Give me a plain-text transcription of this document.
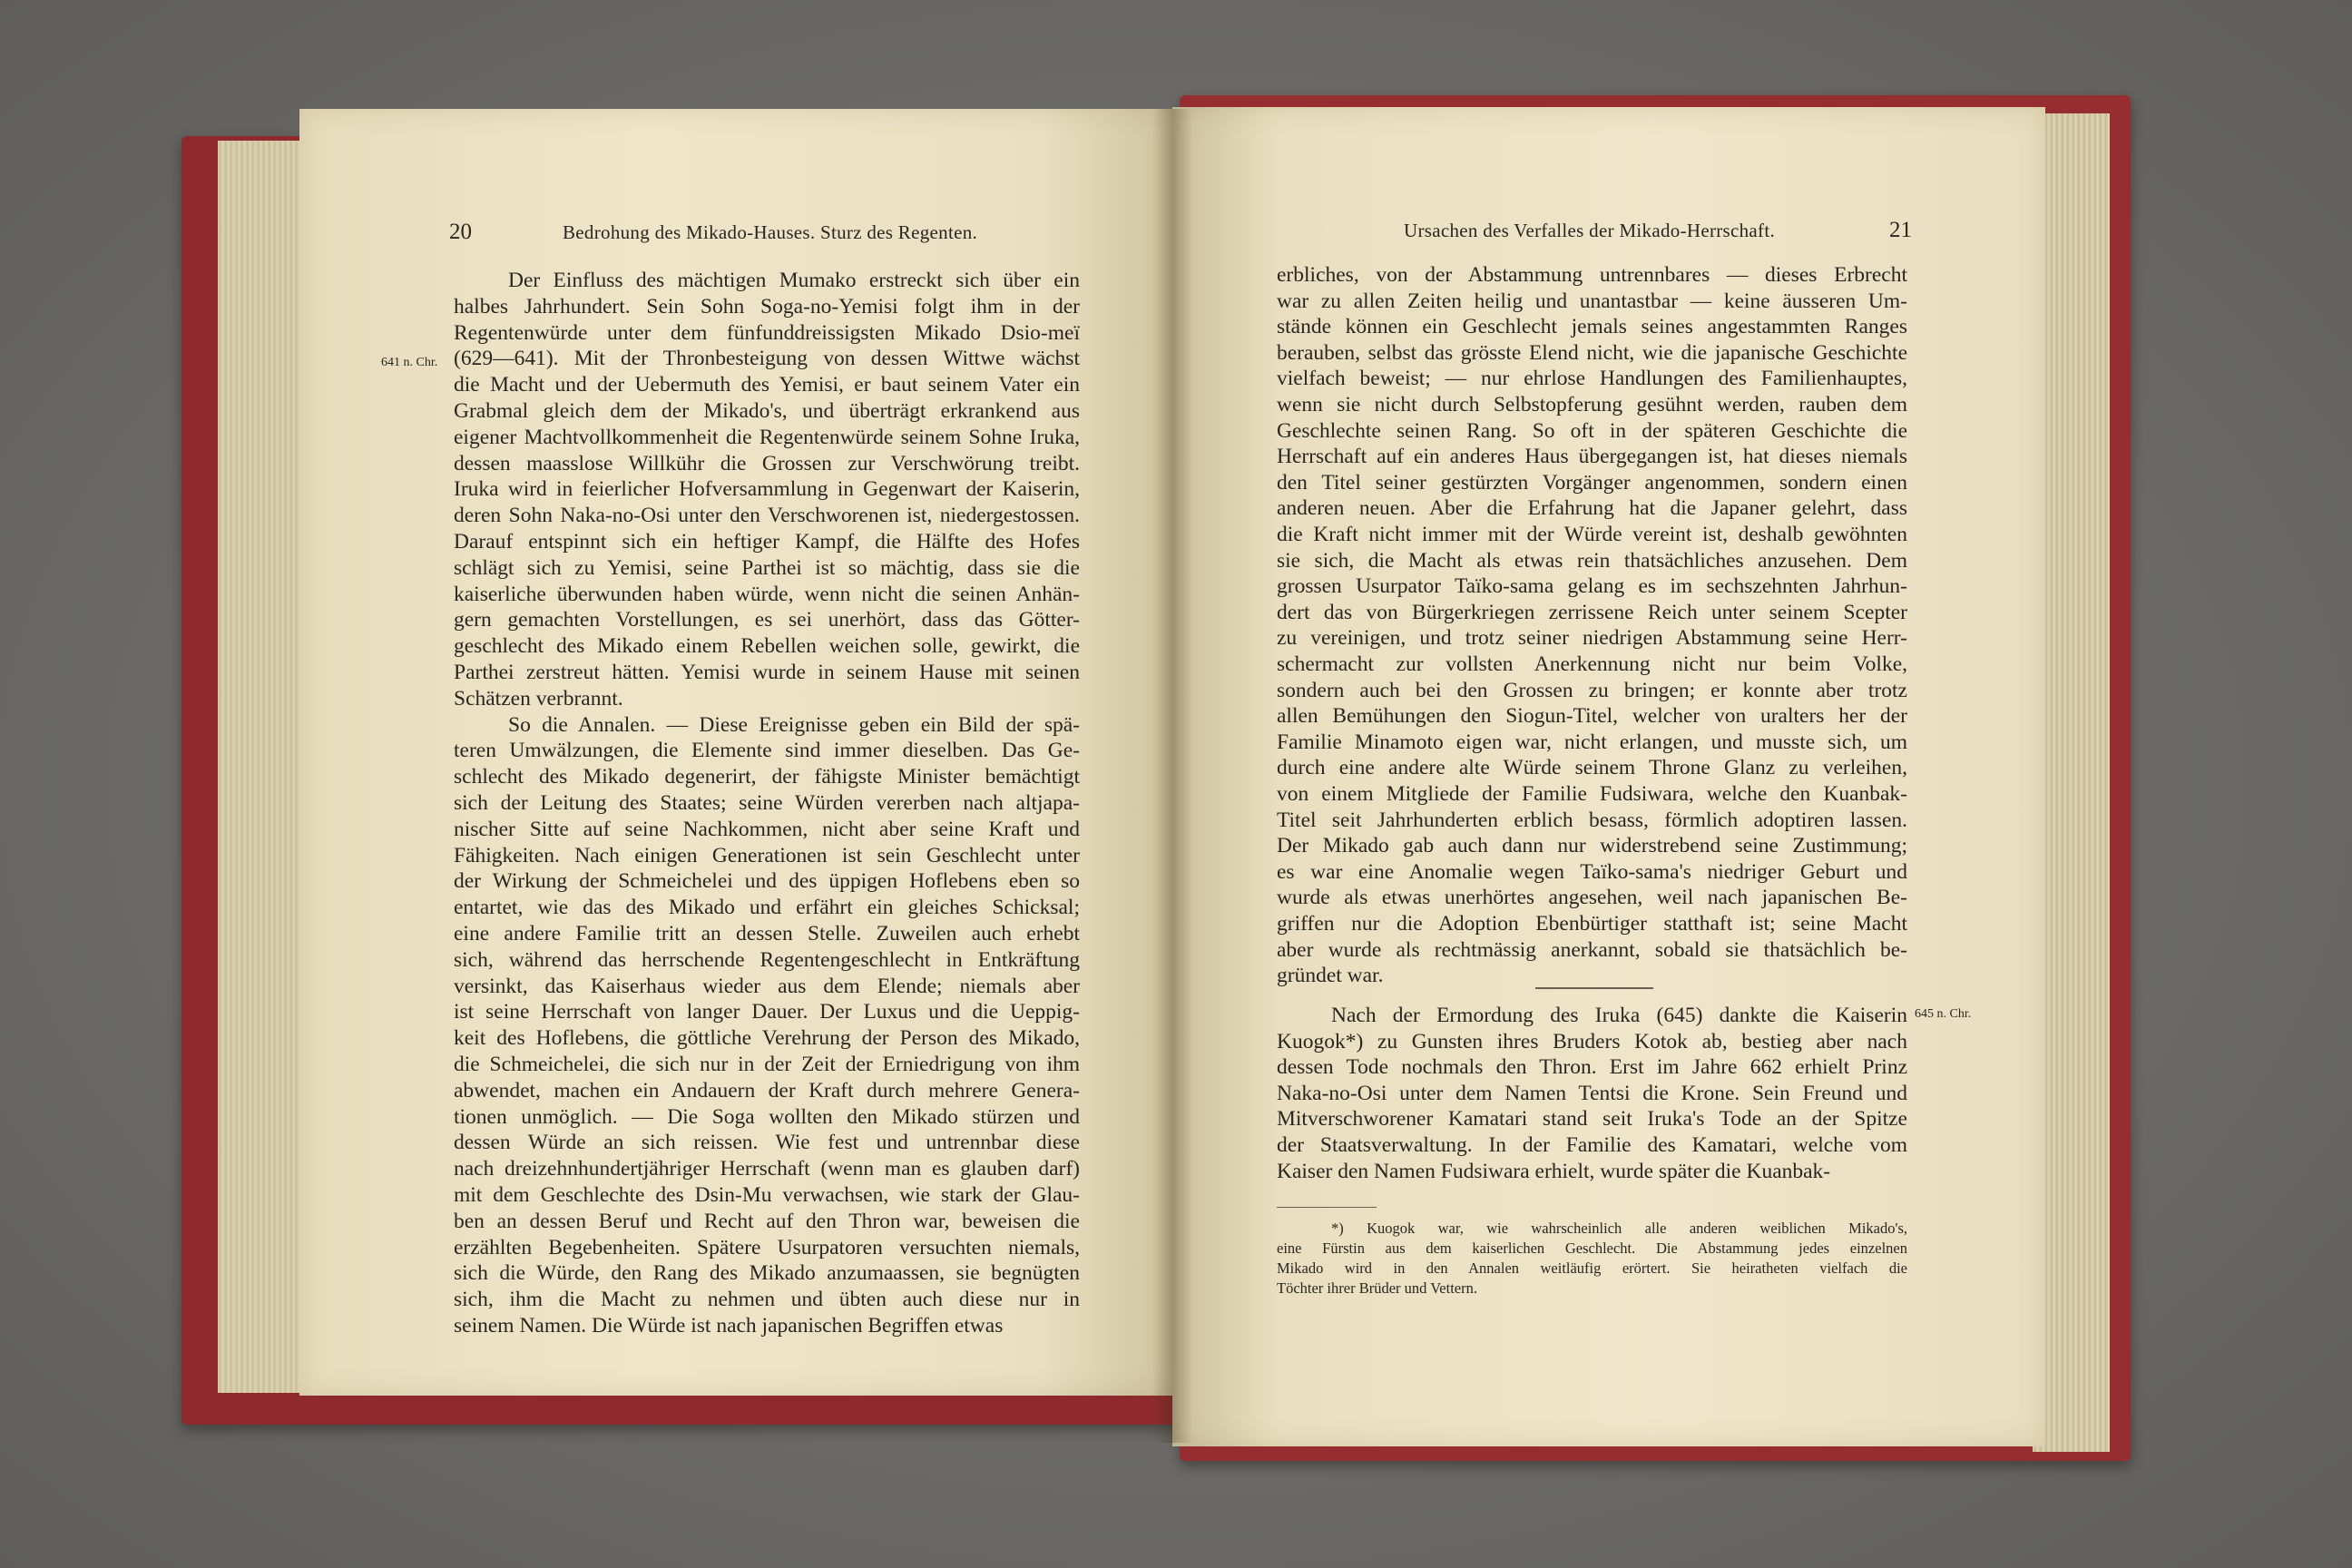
20	Bedrohung des Mikado-Hauses. Sturz des Regenten.
641 n. Chr.
Der Einfluss des mächtigen Mumako erstreckt sich über ein
halbes Jahrhundert. Sein Sohn Soga-no-Yemisi folgt ihm in der
Regentenwürde unter dem fünfunddreissigsten Mikado Dsio-meï
(629—641). Mit der Thronbesteigung von dessen Wittwe wächst
die Macht und der Uebermuth des Yemisi, er baut seinem Vater ein
Grabmal gleich dem der Mikado's, und überträgt erkrankend aus
eigener Machtvollkommenheit die Regentenwürde seinem Sohne Iruka,
dessen maasslose Willkühr die Grossen zur Verschwörung treibt.
Iruka wird in feierlicher Hofversammlung in Gegenwart der Kaiserin,
deren Sohn Naka-no-Osi unter den Verschworenen ist, niedergestossen.
Darauf entspinnt sich ein heftiger Kampf, die Hälfte des Hofes
schlägt sich zu Yemisi, seine Parthei ist so mächtig, dass sie die
kaiserliche überwunden haben würde, wenn nicht die seinen Anhän-
gern gemachten Vorstellungen, es sei unerhört, dass das Götter-
geschlecht des Mikado einem Rebellen weichen solle, gewirkt, die
Parthei zerstreut hätten. Yemisi wurde in seinem Hause mit seinen
Schätzen verbrannt.
So die Annalen. — Diese Ereignisse geben ein Bild der spä-
teren Umwälzungen, die Elemente sind immer dieselben. Das Ge-
schlecht des Mikado degenerirt, der fähigste Minister bemächtigt
sich der Leitung des Staates; seine Würden vererben nach altjapa-
nischer Sitte auf seine Nachkommen, nicht aber seine Kraft und
Fähigkeiten. Nach einigen Generationen ist sein Geschlecht unter
der Wirkung der Schmeichelei und des üppigen Hoflebens eben so
entartet, wie das des Mikado und erfährt ein gleiches Schicksal;
eine andere Familie tritt an dessen Stelle. Zuweilen auch erhebt
sich, während das herrschende Regentengeschlecht in Entkräftung
versinkt, das Kaiserhaus wieder aus dem Elende; niemals aber
ist seine Herrschaft von langer Dauer. Der Luxus und die Ueppig-
keit des Hoflebens, die göttliche Verehrung der Person des Mikado,
die Schmeichelei, die sich nur in der Zeit der Erniedrigung von ihm
abwendet, machen ein Andauern der Kraft durch mehrere Genera-
tionen unmöglich. — Die Soga wollten den Mikado stürzen und
dessen Würde an sich reissen. Wie fest und untrennbar diese
nach dreizehnhundertjähriger Herrschaft (wenn man es glauben darf)
mit dem Geschlechte des Dsin-Mu verwachsen, wie stark der Glau-
ben an dessen Beruf und Recht auf den Thron war, beweisen die
erzählten Begebenheiten. Spätere Usurpatoren versuchten niemals,
sich die Würde, den Rang des Mikado anzumaassen, sie begnügten
sich, ihm die Macht zu nehmen und übten auch diese nur in
seinem Namen. Die Würde ist nach japanischen Begriffen etwas
Ursachen des Verfalles der Mikado-Herrschaft.	21
erbliches, von der Abstammung untrennbares — dieses Erbrecht
war zu allen Zeiten heilig und unantastbar — keine äusseren Um-
stände können ein Geschlecht jemals seines angestammten Ranges
berauben, selbst das grösste Elend nicht, wie die japanische Geschichte
vielfach beweist; — nur ehrlose Handlungen des Familienhauptes,
wenn sie nicht durch Selbstopferung gesühnt werden, rauben dem
Geschlechte seinen Rang. So oft in der späteren Geschichte die
Herrschaft auf ein anderes Haus übergegangen ist, hat dieses niemals
den Titel seiner gestürzten Vorgänger angenommen, sondern einen
anderen neuen. Aber die Erfahrung hat die Japaner gelehrt, dass
die Kraft nicht immer mit der Würde vereint ist, deshalb gewöhnten
sie sich, die Macht als etwas rein thatsächliches anzusehen. Dem
grossen Usurpator Taïko-sama gelang es im sechszehnten Jahrhun-
dert das von Bürgerkriegen zerrissene Reich unter seinem Scepter
zu vereinigen, und trotz seiner niedrigen Abstammung seine Herr-
schermacht zur vollsten Anerkennung nicht nur beim Volke,
sondern auch bei den Grossen zu bringen; er konnte aber trotz
allen Bemühungen den Siogun-Titel, welcher von uralters her der
Familie Minamoto eigen war, nicht erlangen, und musste sich, um
durch eine andere alte Würde seinem Throne Glanz zu verleihen,
von einem Mitgliede der Familie Fudsiwara, welche den Kuanbak-
Titel seit Jahrhunderten erblich besass, förmlich adoptiren lassen.
Der Mikado gab auch dann nur widerstrebend seine Zustimmung;
es war eine Anomalie wegen Taïko-sama's niedriger Geburt und
wurde als etwas unerhörtes angesehen, weil nach japanischen Be-
griffen nur die Adoption Ebenbürtiger statthaft ist; seine Macht
aber wurde als rechtmässig anerkannt, sobald sie thatsächlich be-
gründet war.
645 n. Chr.
Nach der Ermordung des Iruka (645) dankte die Kaiserin
Kuogok*) zu Gunsten ihres Bruders Kotok ab, bestieg aber nach
dessen Tode nochmals den Thron. Erst im Jahre 662 erhielt Prinz
Naka-no-Osi unter dem Namen Tentsi die Krone. Sein Freund und
Mitverschworener Kamatari stand seit Iruka's Tode an der Spitze
der Staatsverwaltung. In der Familie des Kamatari, welche vom
Kaiser den Namen Fudsiwara erhielt, wurde später die Kuanbak-
*) Kuogok war, wie wahrscheinlich alle anderen weiblichen Mikado's,
eine Fürstin aus dem kaiserlichen Geschlecht. Die Abstammung jedes einzelnen
Mikado wird in den Annalen weitläufig erörtert. Sie heiratheten vielfach die
Töchter ihrer Brüder und Vettern.
